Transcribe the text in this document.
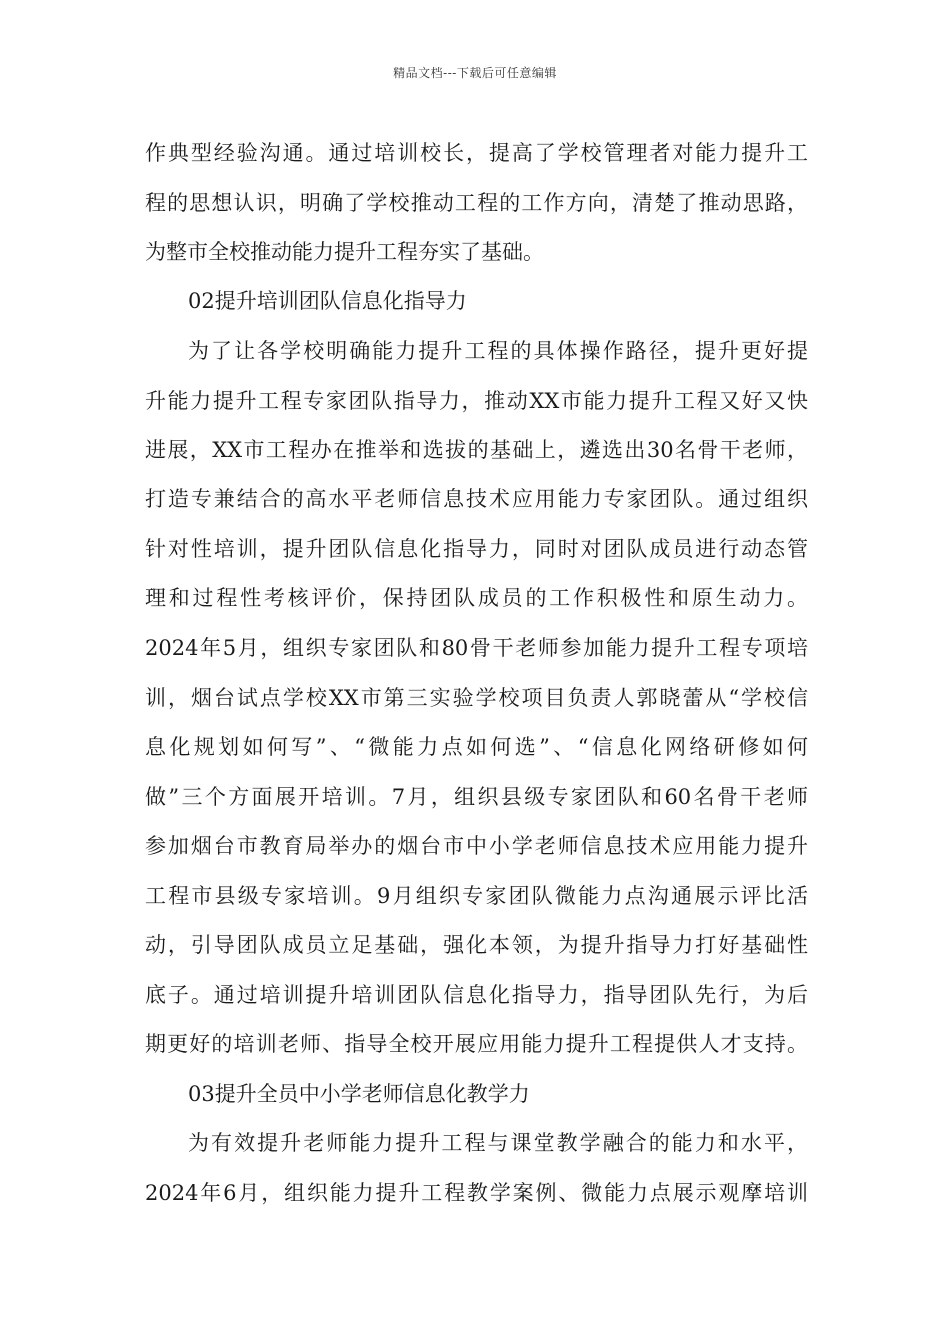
精品文档---下载后可任意编辑
作典型经验沟通。通过培训校长，提高了学校管理者对能力提升工
程的思想认识，明确了学校推动工程的工作方向，清楚了推动思路，
为整市全校推动能力提升工程夯实了基础。
02提升培训团队信息化指导力
为了让各学校明确能力提升工程的具体操作路径，提升更好提
升能力提升工程专家团队指导力，推动XX市能力提升工程又好又快
进展，XX市工程办在推举和选拔的基础上，遴选出30名骨干老师，
打造专兼结合的高水平老师信息技术应用能力专家团队。通过组织
针对性培训，提升团队信息化指导力，同时对团队成员进行动态管
理和过程性考核评价，保持团队成员的工作积极性和原生动力。
2024年5月，组织专家团队和80骨干老师参加能力提升工程专项培
训，烟台试点学校XX市第三实验学校项目负责人郭晓蕾从“学校信
息化规划如何写”、“微能力点如何选”、“信息化网络研修如何
做”三个方面展开培训。7月，组织县级专家团队和60名骨干老师
参加烟台市教育局举办的烟台市中小学老师信息技术应用能力提升
工程市县级专家培训。9月组织专家团队微能力点沟通展示评比活
动，引导团队成员立足基础，强化本领，为提升指导力打好基础性
底子。通过培训提升培训团队信息化指导力，指导团队先行，为后
期更好的培训老师、指导全校开展应用能力提升工程提供人才支持。
03提升全员中小学老师信息化教学力
为有效提升老师能力提升工程与课堂教学融合的能力和水平，
2024年6月，组织能力提升工程教学案例、微能力点展示观摩培训
